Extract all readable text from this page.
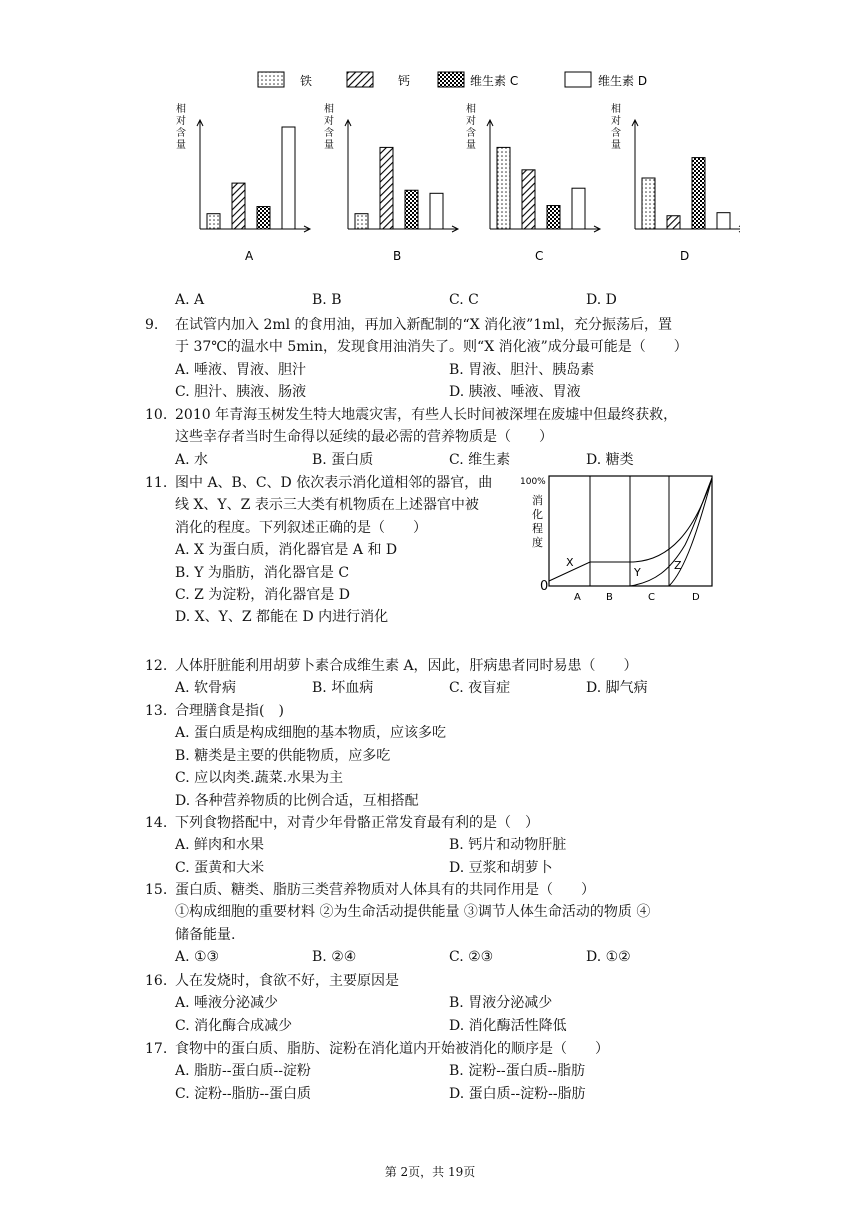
铁	钙	维生素 C	维生素 D
相
对
含
量
A
相
对
含
量
B
相
对
含
量
C
相
对
含
量
D
A. A	B. B	C. C	D. D
9. 在试管内加入 2ml 的食用油，再加入新配制的“X 消化液”1ml，充分振荡后，置
于 37℃的温水中 5min，发现食用油消失了。则“X 消化液”成分最可能是（　　）
A. 唾液、胃液、胆汁	B. 胃液、胆汁、胰岛素
C. 胆汁、胰液、肠液	D. 胰液、唾液、胃液
10. 2010 年青海玉树发生特大地震灾害，有些人长时间被深埋在废墟中但最终获救，
这些幸存者当时生命得以延续的最必需的营养物质是（　　）
A. 水	B. 蛋白质	C. 维生素	D. 糖类
11. 图中 A、B、C、D 依次表示消化道相邻的器官，曲
线 X、Y、Z 表示三大类有机物质在上述器官中被
消化的程度。下列叙述正确的是（　　）
A. X 为蛋白质，消化器官是 A 和 D
B. Y 为脂肪，消化器官是 C
C. Z 为淀粉，消化器官是 D
D. X、Y、Z 都能在 D 内进行消化
12. 人体肝脏能利用胡萝卜素合成维生素 A，因此，肝病患者同时易患（　　）
A. 软骨病	B. 坏血病	C. 夜盲症	D. 脚气病
13. 合理膳食是指(　)
A. 蛋白质是构成细胞的基本物质，应该多吃
B. 糖类是主要的供能物质，应多吃
C. 应以肉类.蔬菜.水果为主
D. 各种营养物质的比例合适，互相搭配
14. 下列食物搭配中，对青少年骨骼正常发育最有利的是（　）
A. 鲜肉和水果	B. 钙片和动物肝脏
C. 蛋黄和大米	D. 豆浆和胡萝卜
15. 蛋白质、糖类、脂肪三类营养物质对人体具有的共同作用是（　　）
①构成细胞的重要材料 ②为生命活动提供能量 ③调节人体生命活动的物质 ④
储备能量.
A. ①③	B. ②④	C. ②③	D. ①②
16. 人在发烧时，食欲不好，主要原因是
A. 唾液分泌减少	B. 胃液分泌减少
C. 消化酶合成减少	D. 消化酶活性降低
17. 食物中的蛋白质、脂肪、淀粉在消化道内开始被消化的顺序是（　　）
A. 脂肪--蛋白质--淀粉	B. 淀粉--蛋白质--脂肪
C. 淀粉--脂肪--蛋白质	D. 蛋白质--淀粉--脂肪
100%
0
消
化
程
度
X
Y
Z
A	B	C	D
第 2页，共 19页
